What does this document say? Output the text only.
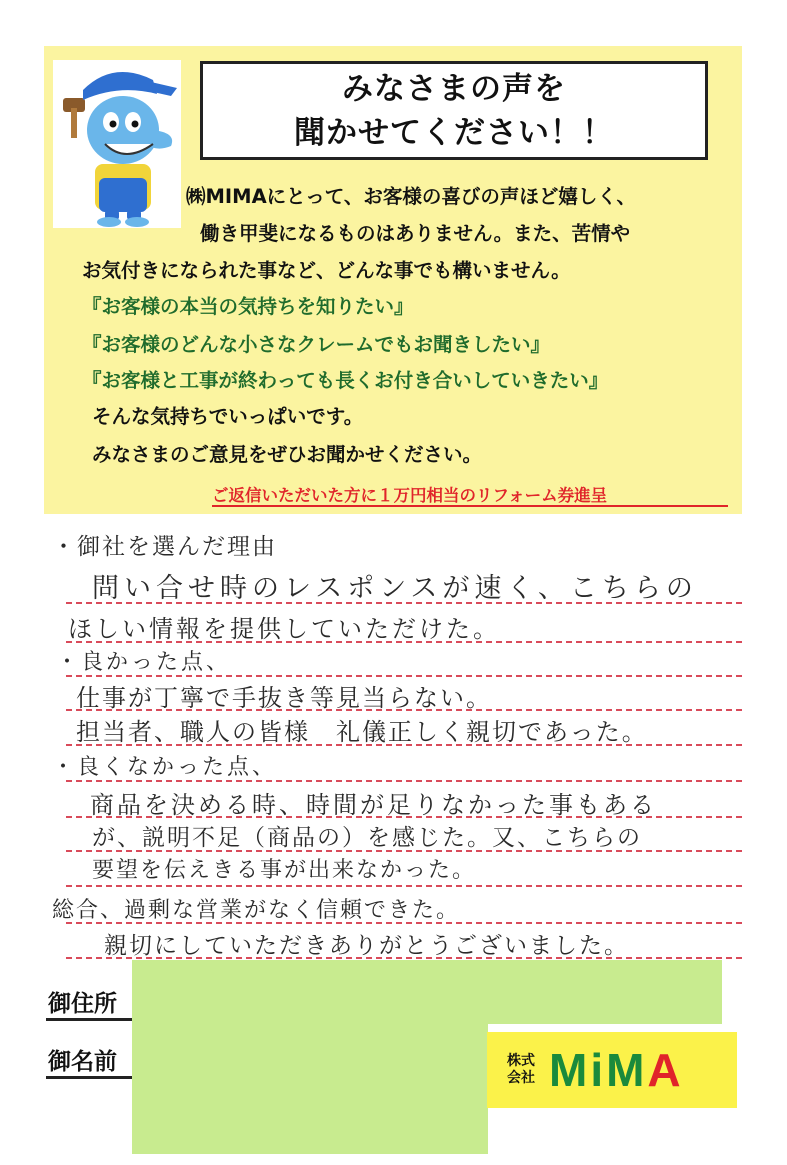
みなさまの声を
聞かせてください！！
㈱MIMAにとって、お客様の喜びの声ほど嬉しく、
働き甲斐になるものはありません。また、苦情や
お気付きになられた事など、どんな事でも構いません。
『お客様の本当の気持ちを知りたい』
『お客様のどんな小さなクレームでもお聞きしたい』
『お客様と工事が終わっても長くお付き合いしていきたい』
そんな気持ちでいっぱいです。
みなさまのご意見をぜひお聞かせください。
ご返信いただいた方に１万円相当のリフォーム券進呈
・御社を選んだ理由
問い合せ時のレスポンスが速く、こちらの
ほしい情報を提供していただけた。
・良かった点、
仕事が丁寧で手抜き等見当らない。
担当者、職人の皆様　礼儀正しく親切であった。
・良くなかった点、
商品を決める時、時間が足りなかった事もある
が、説明不足（商品の）を感じた。又、こちらの
要望を伝えきる事が出来なかった。
総合、過剰な営業がなく信頼できた。
親切にしていただきありがとうございました。
御住所
御名前	株式
会社 MiMA
